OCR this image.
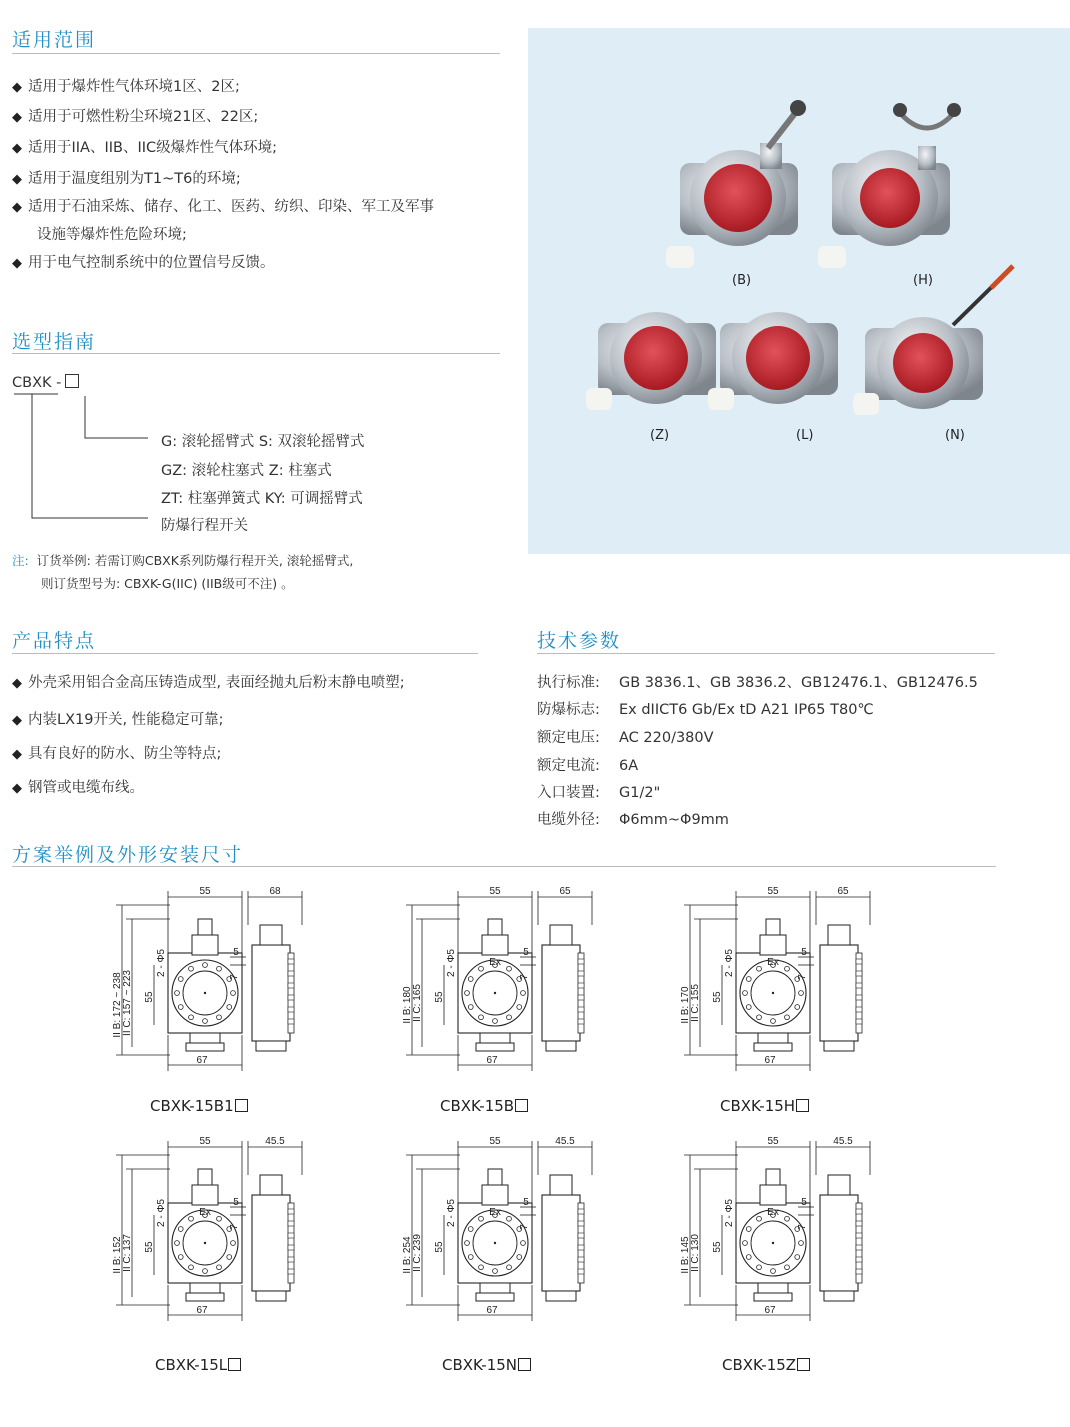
适用范围
◆ 适用于爆炸性气体环境1区、2区;
◆ 适用于可燃性粉尘环境21区、22区;
◆ 适用于IIA、IIB、IIC级爆炸性气体环境;
◆ 适用于温度组别为T1~T6的环境;
◆ 适用于石油采炼、储存、化工、医药、纺织、印染、军工及军事
设施等爆炸性危险环境;
◆ 用于电气控制系统中的位置信号反馈。
选型指南
CBXK -
G: 滚轮摇臂式 S: 双滚轮摇臂式
GZ: 滚轮柱塞式 Z: 柱塞式
ZT: 柱塞弹簧式 KY: 可调摇臂式
防爆行程开关
注: 订货举例: 若需订购CBXK系列防爆行程开关, 滚轮摇臂式,
则订货型号为: CBXK-G(IIC) (IIB级可不注) 。
(B)	(H)
(Z)	(L)	(N)
产品特点
◆ 外壳采用铝合金高压铸造成型, 表面经抛丸后粉末静电喷塑;
◆ 内装LX19开关, 性能稳定可靠;
◆ 具有良好的防水、防尘等特点;
◆ 钢管或电缆布线。
技术参数
执行标准: GB 3836.1、GB 3836.2、GB12476.1、GB12476.5
防爆标志: Ex dIICT6 Gb/Ex tD A21 IP65 T80℃
额定电压: AC 220/380V
额定电流: 6A
入口装置: G1/2"
电缆外径: Φ6mm~Φ9mm
方案举例及外形安装尺寸
55	68
II B: 172 ~ 238 II C: 157 ~ 223 55
2 - Φ5
67
5
7
55	65
II B: 180 II C: 165 55
2 - Φ5	Ex
67
5
7
55	65
II B: 170 II C: 155 55
2 - Φ5	Ex
67
5
7
55	45.5
II B: 152 II C: 137 55
2 - Φ5	Ex
67
5
7
55	45.5
II B: 254 II C: 239 55
2 - Φ5	Ex
67
5
7
55	45.5
II B: 145 II C: 130 55
2 - Φ5	Ex
67
5
7
CBXK-15B1	CBXK-15B	CBXK-15H
CBXK-15L	CBXK-15N	CBXK-15Z
